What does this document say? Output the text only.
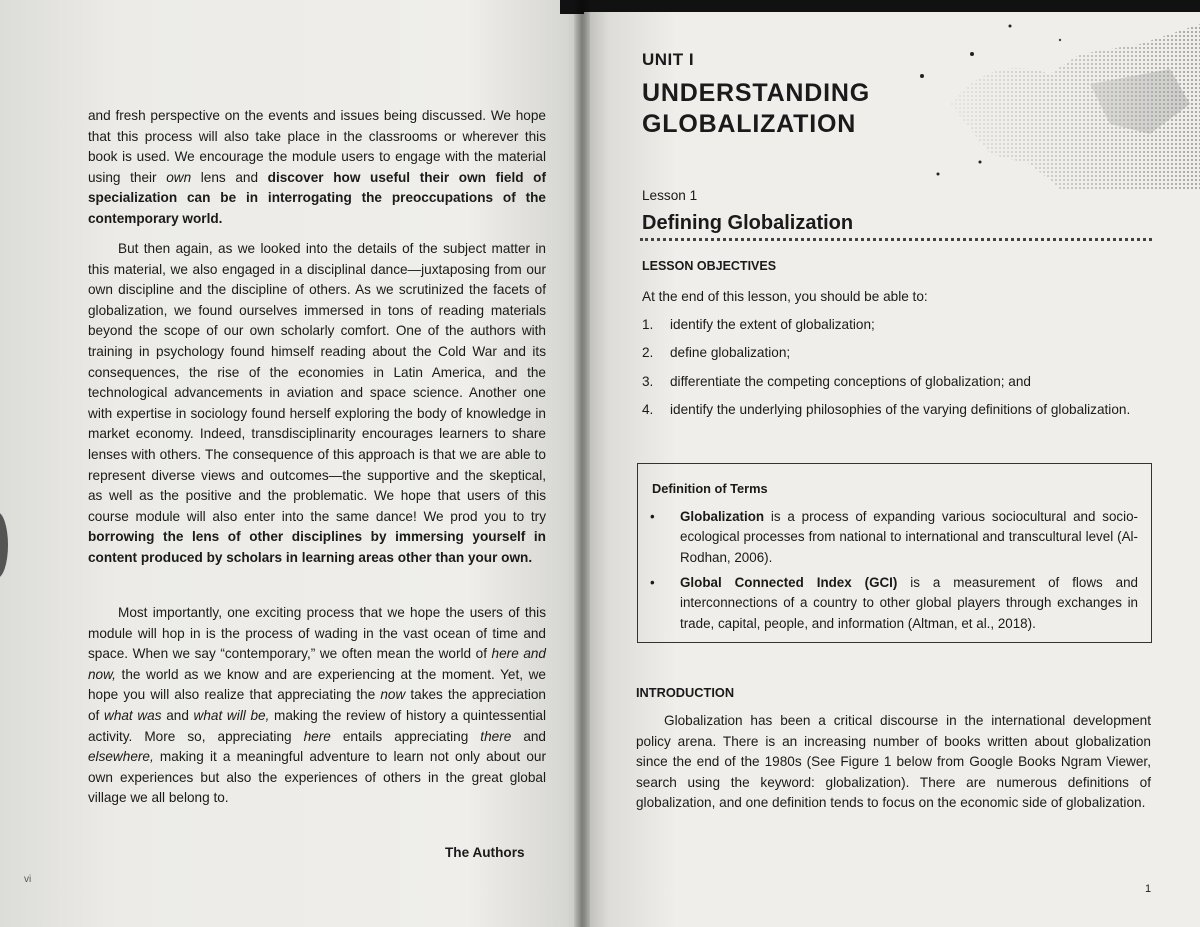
and fresh perspective on the events and issues being discussed. We hope that this process will also take place in the classrooms or wherever this book is used. We encourage the module users to engage with the material using their own lens and discover how useful their own field of specialization can be in interrogating the preoccupations of the contemporary world.
But then again, as we looked into the details of the subject matter in this material, we also engaged in a disciplinal dance—juxtaposing from our own discipline and the discipline of others. As we scrutinized the facets of globalization, we found ourselves immersed in tons of reading materials beyond the scope of our own scholarly comfort. One of the authors with training in psychology found himself reading about the Cold War and its consequences, the rise of the economies in Latin America, and the technological advancements in aviation and space science. Another one with expertise in sociology found herself exploring the body of knowledge in market economy. Indeed, transdisciplinarity encourages learners to share lenses with others. The consequence of this approach is that we are able to represent diverse views and outcomes—the supportive and the skeptical, as well as the positive and the problematic. We hope that users of this course module will also enter into the same dance! We prod you to try borrowing the lens of other disciplines by immersing yourself in content produced by scholars in learning areas other than your own.
Most importantly, one exciting process that we hope the users of this module will hop in is the process of wading in the vast ocean of time and space. When we say “contemporary,” we often mean the world of here and now, the world as we know and are experiencing at the moment. Yet, we hope you will also realize that appreciating the now takes the appreciation of what was and what will be, making the review of history a quintessential activity. More so, appreciating here entails appreciating there and elsewhere, making it a meaningful adventure to learn not only about our own experiences but also the experiences of others in the great global village we all belong to.
The Authors
vi
UNIT I
UNDERSTANDING GLOBALIZATION
Lesson 1
Defining Globalization
LESSON OBJECTIVES
At the end of this lesson, you should be able to:
1. identify the extent of globalization;
2. define globalization;
3. differentiate the competing conceptions of globalization; and
4. identify the underlying philosophies of the varying definitions of globalization.
Definition of Terms
• Globalization is a process of expanding various sociocultural and socio-ecological processes from national to international and transcultural level (Al-Rodhan, 2006).
• Global Connected Index (GCI) is a measurement of flows and interconnections of a country to other global players through exchanges in trade, capital, people, and information (Altman, et al., 2018).
INTRODUCTION
Globalization has been a critical discourse in the international development policy arena. There is an increasing number of books written about globalization since the end of the 1980s (See Figure 1 below from Google Books Ngram Viewer, search using the keyword: globalization). There are numerous definitions of globalization, and one definition tends to focus on the economic side of globalization.
1
